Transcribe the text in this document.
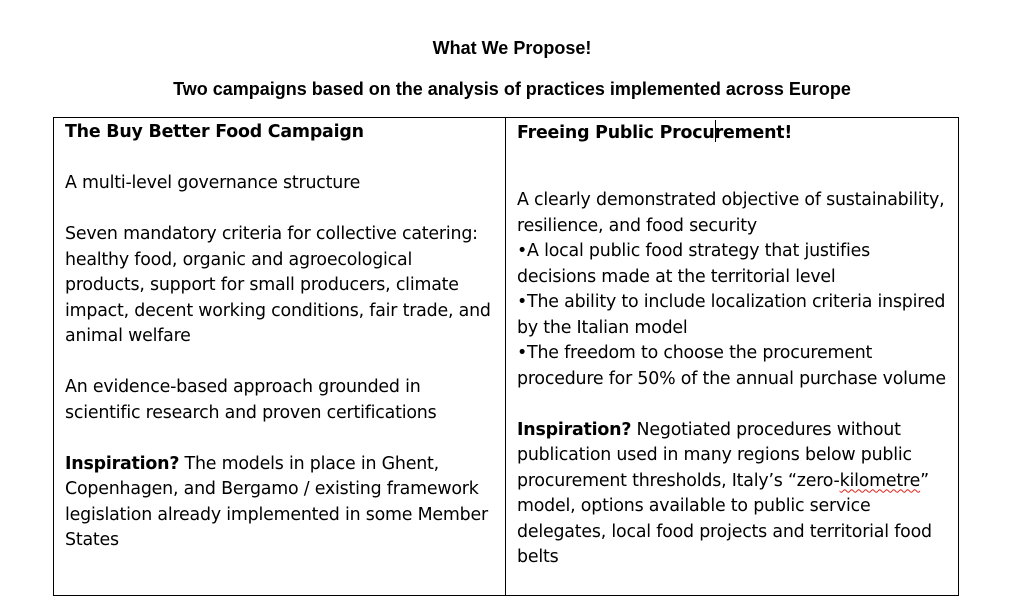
What We Propose!
Two campaigns based on the analysis of practices implemented across Europe

The Buy Better Food Campaign

A multi-level governance structure

Seven mandatory criteria for collective catering: healthy food, organic and agroecological products, support for small producers, climate impact, decent working conditions, fair trade, and animal welfare

An evidence-based approach grounded in scientific research and proven certifications

Inspiration? The models in place in Ghent, Copenhagen, and Bergamo / existing framework legislation already implemented in some Member States

Freeing Public Procurement!

A clearly demonstrated objective of sustainability, resilience, and food security

•A local public food strategy that justifies decisions made at the territorial level

•The ability to include localization criteria inspired by the Italian model

•The freedom to choose the procurement procedure for 50% of the annual purchase volume

Inspiration? Negotiated procedures without publication used in many regions below public procurement thresholds, Italy’s “zero-kilometre” model, options available to public service delegates, local food projects and territorial food belts
